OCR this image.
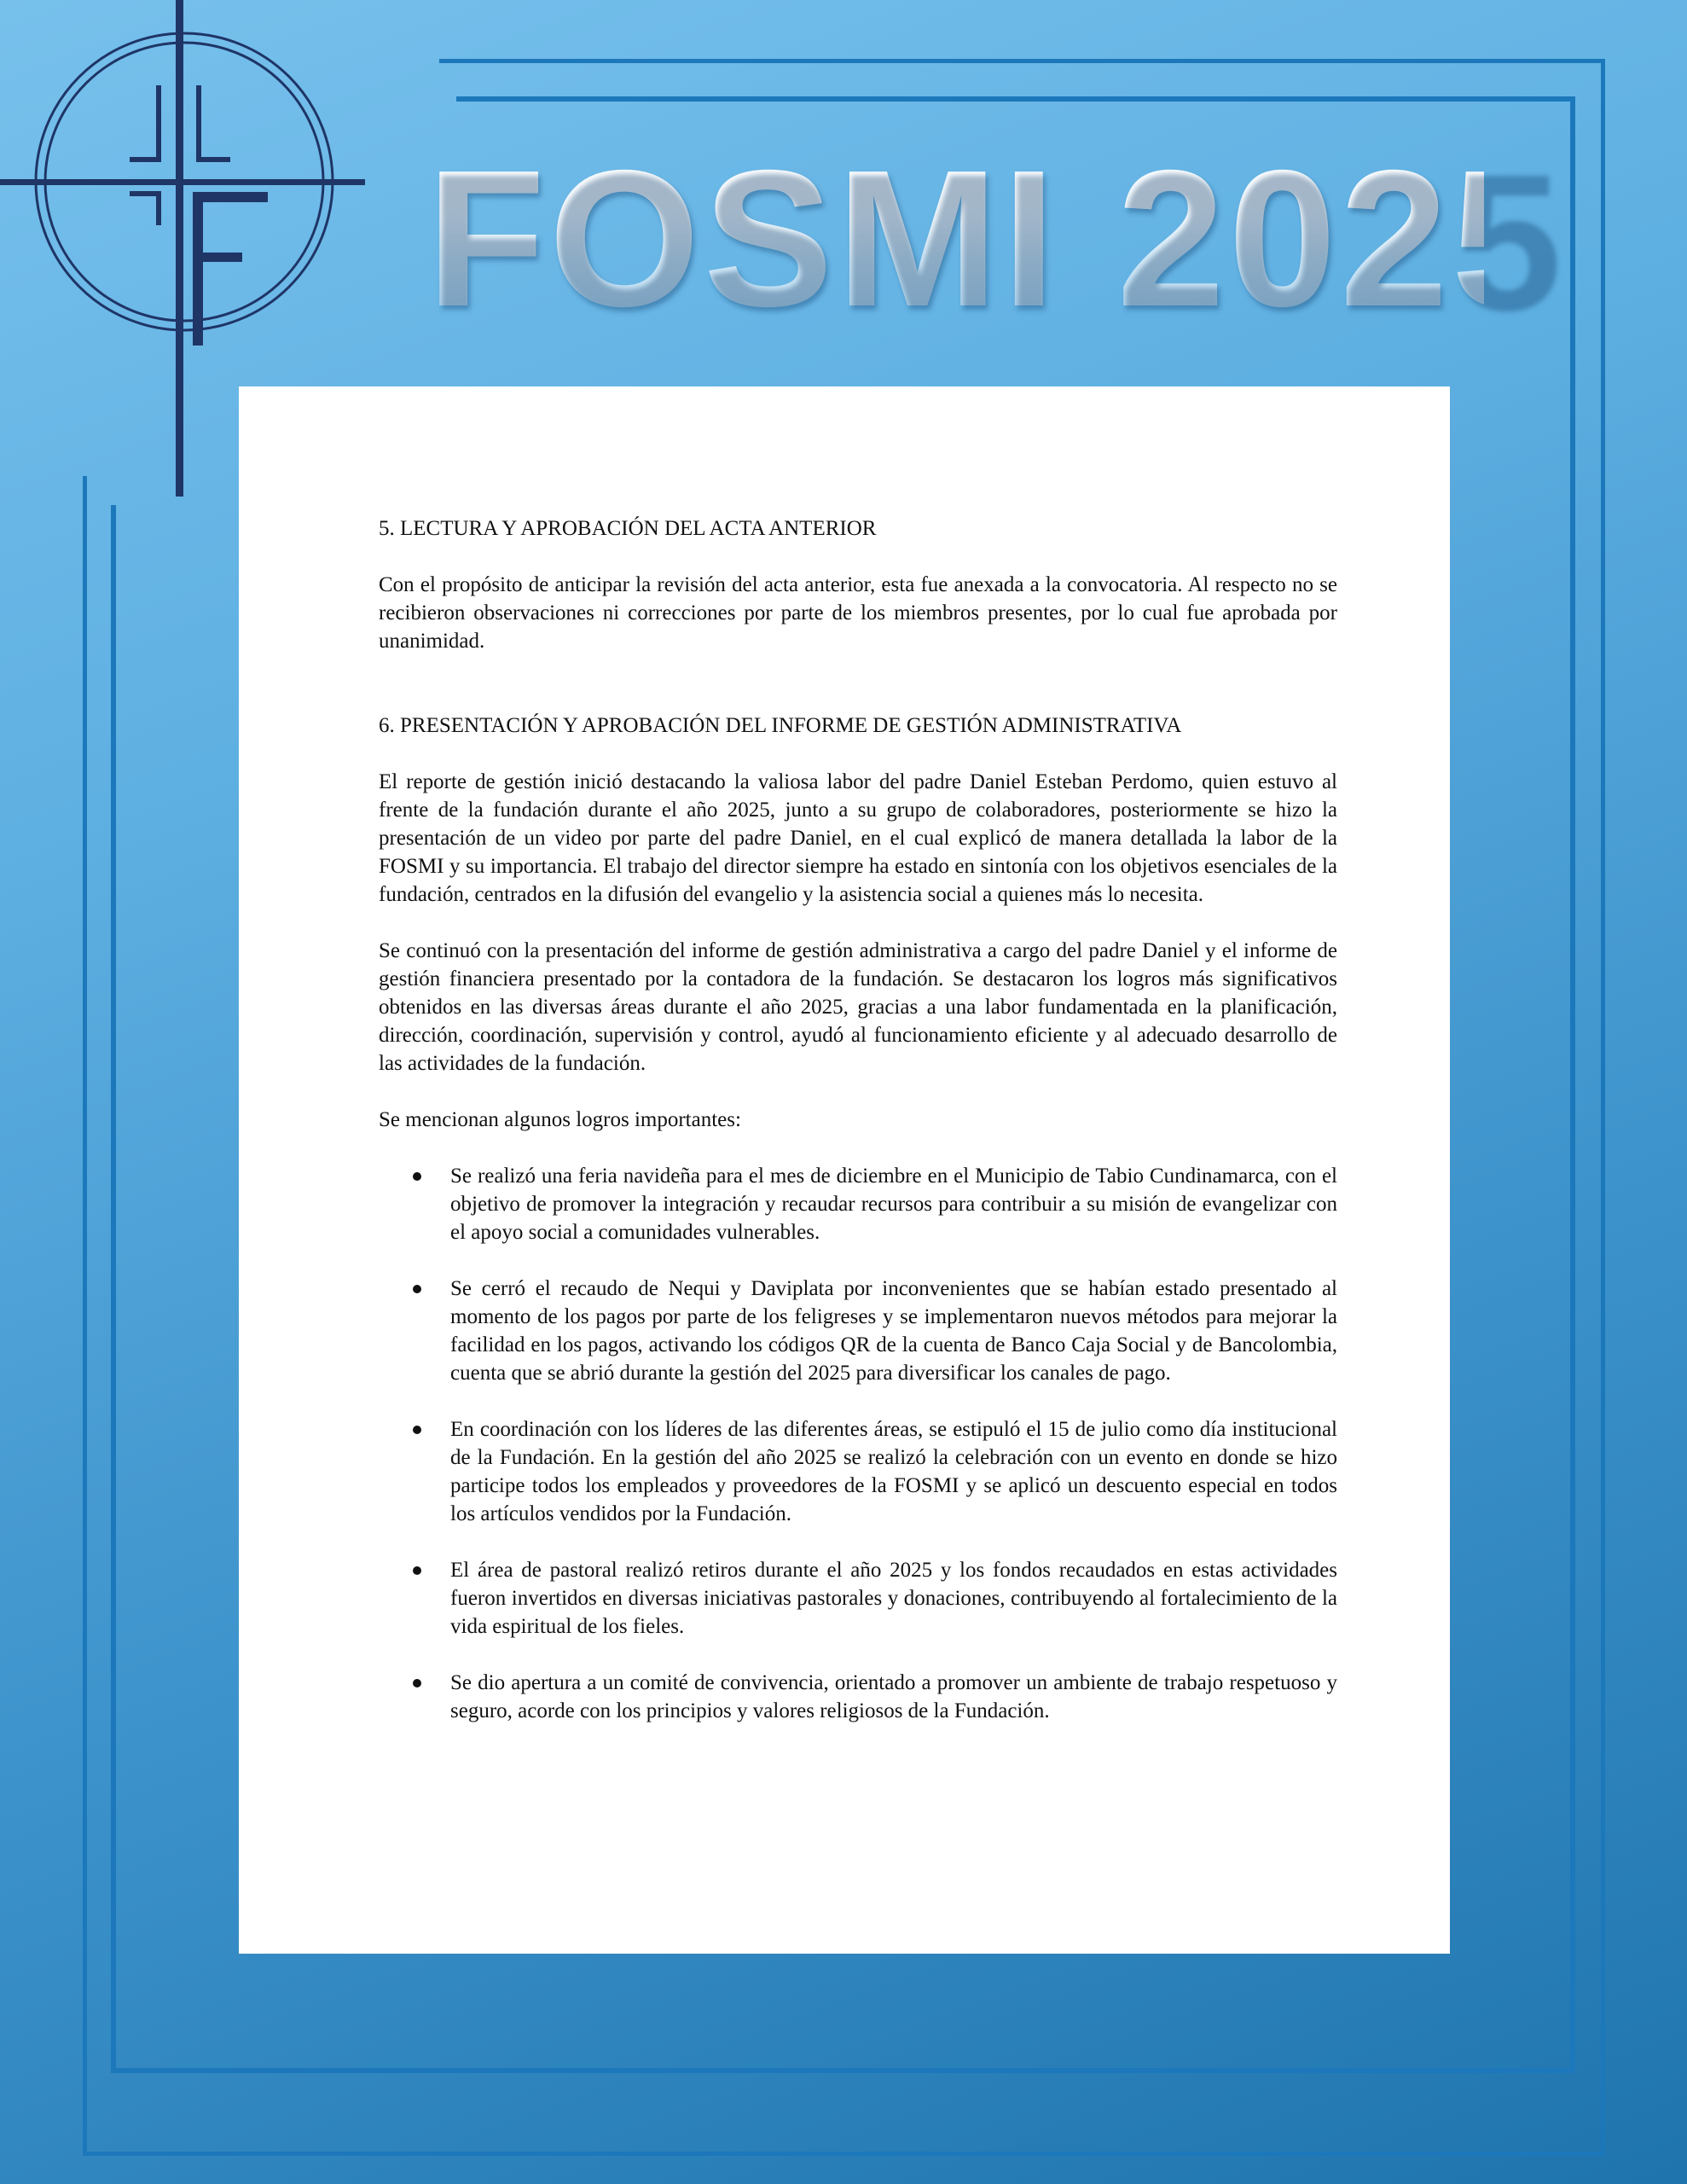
FOSMI 2025
5. LECTURA Y APROBACIÓN DEL ACTA ANTERIOR

Con el propósito de anticipar la revisión del acta anterior, esta fue anexada a la convocatoria. Al respecto no se recibieron observaciones ni correcciones por parte de los miembros presentes, por lo cual fue aprobada por unanimidad.

6. PRESENTACIÓN Y APROBACIÓN DEL INFORME DE GESTIÓN ADMINISTRATIVA

El reporte de gestión inició destacando la valiosa labor del padre Daniel Esteban Perdomo, quien estuvo al frente de la fundación durante el año 2025, junto a su grupo de colaboradores, posteriormente se hizo la presentación de un video por parte del padre Daniel, en el cual explicó de manera detallada la labor de la FOSMI y su importancia. El trabajo del director siempre ha estado en sintonía con los objetivos esenciales de la fundación, centrados en la difusión del evangelio y la asistencia social a quienes más lo necesita.

Se continuó con la presentación del informe de gestión administrativa a cargo del padre Daniel y el informe de gestión financiera presentado por la contadora de la fundación. Se destacaron los logros más significativos obtenidos en las diversas áreas durante el año 2025, gracias a una labor fundamentada en la planificación, dirección, coordinación, supervisión y control, ayudó al funcionamiento eficiente y al adecuado desarrollo de las actividades de la fundación.

Se mencionan algunos logros importantes:

Se realizó una feria navideña para el mes de diciembre en el Municipio de Tabio Cundinamarca, con el objetivo de promover la integración y recaudar recursos para contribuir a su misión de evangelizar con el apoyo social a comunidades vulnerables.
Se cerró el recaudo de Nequi y Daviplata por inconvenientes que se habían estado presentado al momento de los pagos por parte de los feligreses y se implementaron nuevos métodos para mejorar la facilidad en los pagos, activando los códigos QR de la cuenta de Banco Caja Social y de Bancolombia, cuenta que se abrió durante la gestión del 2025 para diversificar los canales de pago.
En coordinación con los líderes de las diferentes áreas, se estipuló el 15 de julio como día institucional de la Fundación. En la gestión del año 2025 se realizó la celebración con un evento en donde se hizo participe todos los empleados y proveedores de la FOSMI y se aplicó un descuento especial en todos los artículos vendidos por la Fundación.
El área de pastoral realizó retiros durante el año 2025 y los fondos recaudados en estas actividades fueron invertidos en diversas iniciativas pastorales y donaciones, contribuyendo al fortalecimiento de la vida espiritual de los fieles.
Se dio apertura a un comité de convivencia, orientado a promover un ambiente de trabajo respetuoso y seguro, acorde con los principios y valores religiosos de la Fundación.
